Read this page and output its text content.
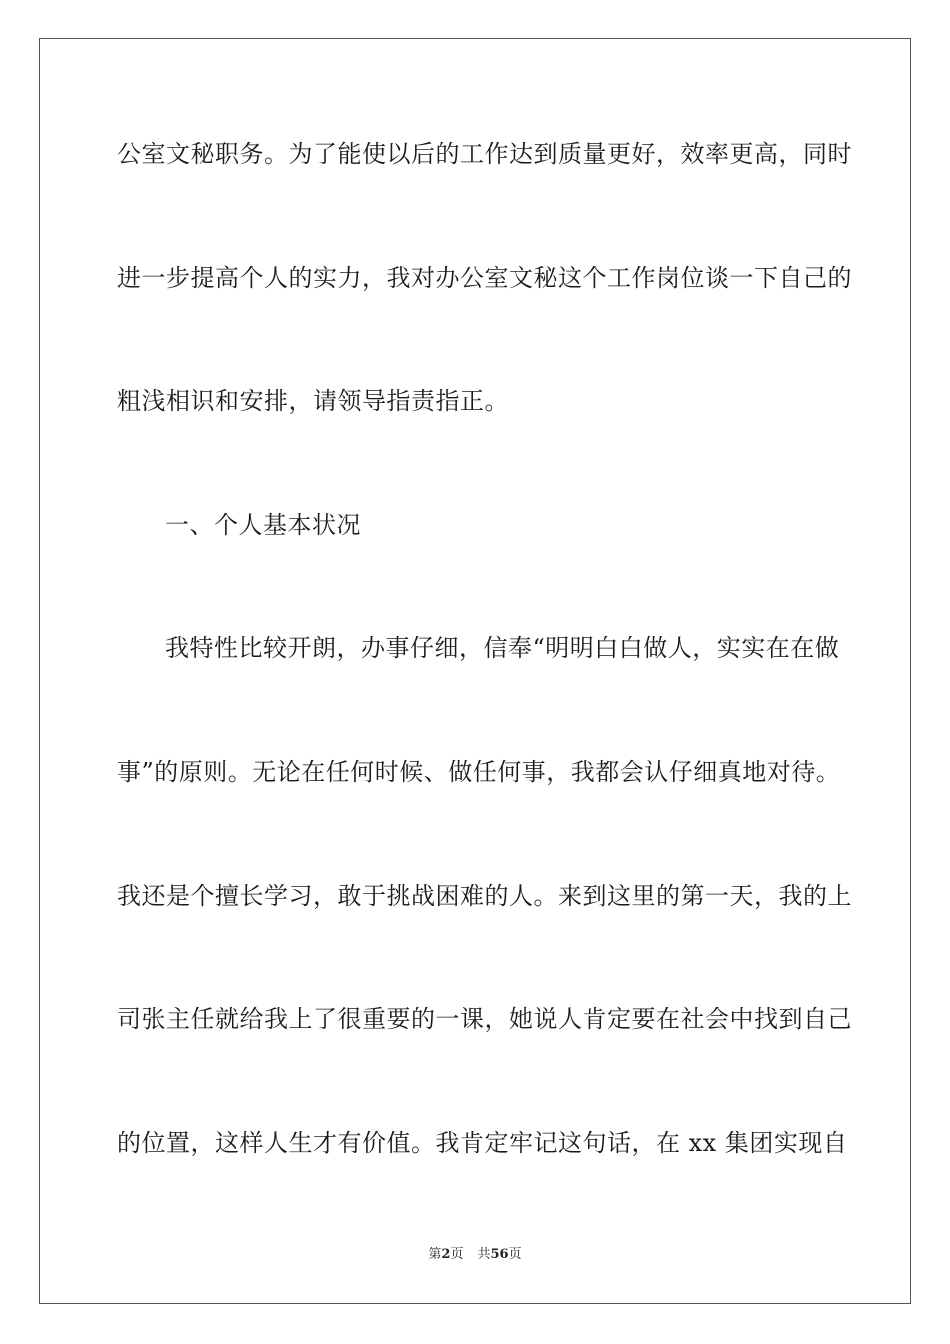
公室文秘职务。为了能使以后的工作达到质量更好，效率更高，同时
进一步提高个人的实力，我对办公室文秘这个工作岗位谈一下自己的
粗浅相识和安排，请领导指责指正。
一、个人基本状况
我特性比较开朗，办事仔细，信奉“明明白白做人，实实在在做
事”的原则。无论在任何时候、做任何事，我都会认仔细真地对待。
我还是个擅长学习，敢于挑战困难的人。来到这里的第一天，我的上
司张主任就给我上了很重要的一课，她说人肯定要在社会中找到自己
的位置，这样人生才有价值。我肯定牢记这句话，在 xx 集团实现自
第2页 共56页
